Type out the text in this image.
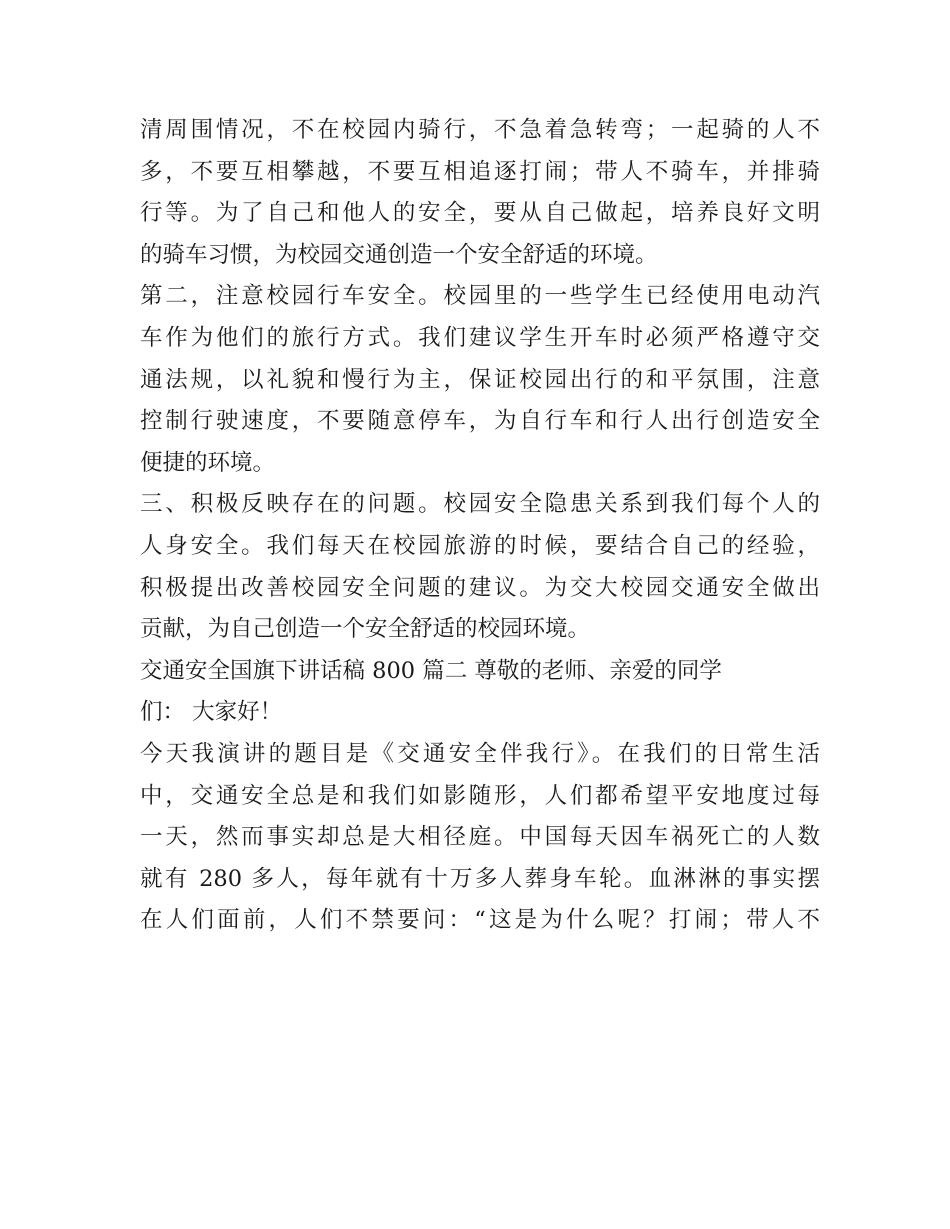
清周围情况，不在校园内骑行，不急着急转弯；一起骑的人不
多，不要互相攀越，不要互相追逐打闹；带人不骑车，并排骑
行等。为了自己和他人的安全，要从自己做起，培养良好文明
的骑车习惯，为校园交通创造一个安全舒适的环境。
第二，注意校园行车安全。校园里的一些学生已经使用电动汽
车作为他们的旅行方式。我们建议学生开车时必须严格遵守交
通法规，以礼貌和慢行为主，保证校园出行的和平氛围，注意
控制行驶速度，不要随意停车，为自行车和行人出行创造安全
便捷的环境。
三、积极反映存在的问题。校园安全隐患关系到我们每个人的
人身安全。我们每天在校园旅游的时候，要结合自己的经验，
积极提出改善校园安全问题的建议。为交大校园交通安全做出
贡献，为自己创造一个安全舒适的校园环境。
交通安全国旗下讲话稿 800 篇二 尊敬的老师、亲爱的同学
们： 大家好！
今天我演讲的题目是《交通安全伴我行》。在我们的日常生活
中，交通安全总是和我们如影随形，人们都希望平安地度过每
一天，然而事实却总是大相径庭。中国每天因车祸死亡的人数
就有 280 多人，每年就有十万多人葬身车轮。血淋淋的事实摆
在人们面前，人们不禁要问：“这是为什么呢？打闹；带人不
